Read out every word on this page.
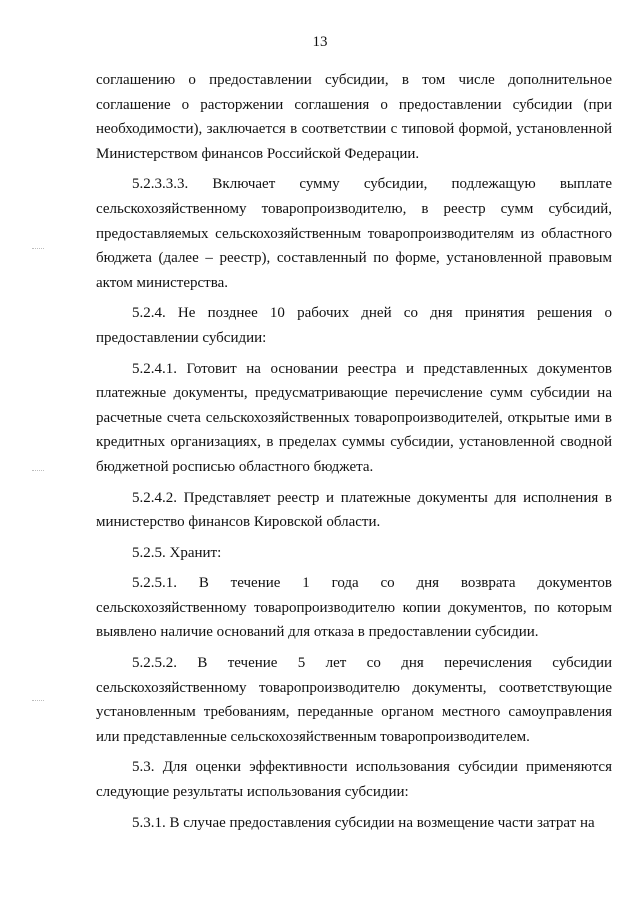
13

соглашению о предоставлении субсидии, в том числе дополнительное соглашение о расторжении соглашения о предоставлении субсидии (при необходимости), заключается в соответствии с типовой формой, установленной Министерством финансов Российской Федерации.

5.2.3.3.3. Включает сумму субсидии, подлежащую выплате сельскохозяйственному товаропроизводителю, в реестр сумм субсидий, предоставляемых сельскохозяйственным товаропроизводителям из областного бюджета (далее – реестр), составленный по форме, установленной правовым актом министерства.

5.2.4. Не позднее 10 рабочих дней со дня принятия решения о предоставлении субсидии:

5.2.4.1. Готовит на основании реестра и представленных документов платежные документы, предусматривающие перечисление сумм субсидии на расчетные счета сельскохозяйственных товаропроизводителей, открытые ими в кредитных организациях, в пределах суммы субсидии, установленной сводной бюджетной росписью областного бюджета.

5.2.4.2. Представляет реестр и платежные документы для исполнения в министерство финансов Кировской области.

5.2.5. Хранит:

5.2.5.1. В течение 1 года со дня возврата документов сельскохозяйственному товаропроизводителю копии документов, по которым выявлено наличие оснований для отказа в предоставлении субсидии.

5.2.5.2. В течение 5 лет со дня перечисления субсидии сельскохозяйственному товаропроизводителю документы, соответствующие установленным требованиям, переданные органом местного самоуправления или представленные сельскохозяйственным товаропроизводителем.

5.3. Для оценки эффективности использования субсидии применяются следующие результаты использования субсидии:

5.3.1. В случае предоставления субсидии на возмещение части затрат на
